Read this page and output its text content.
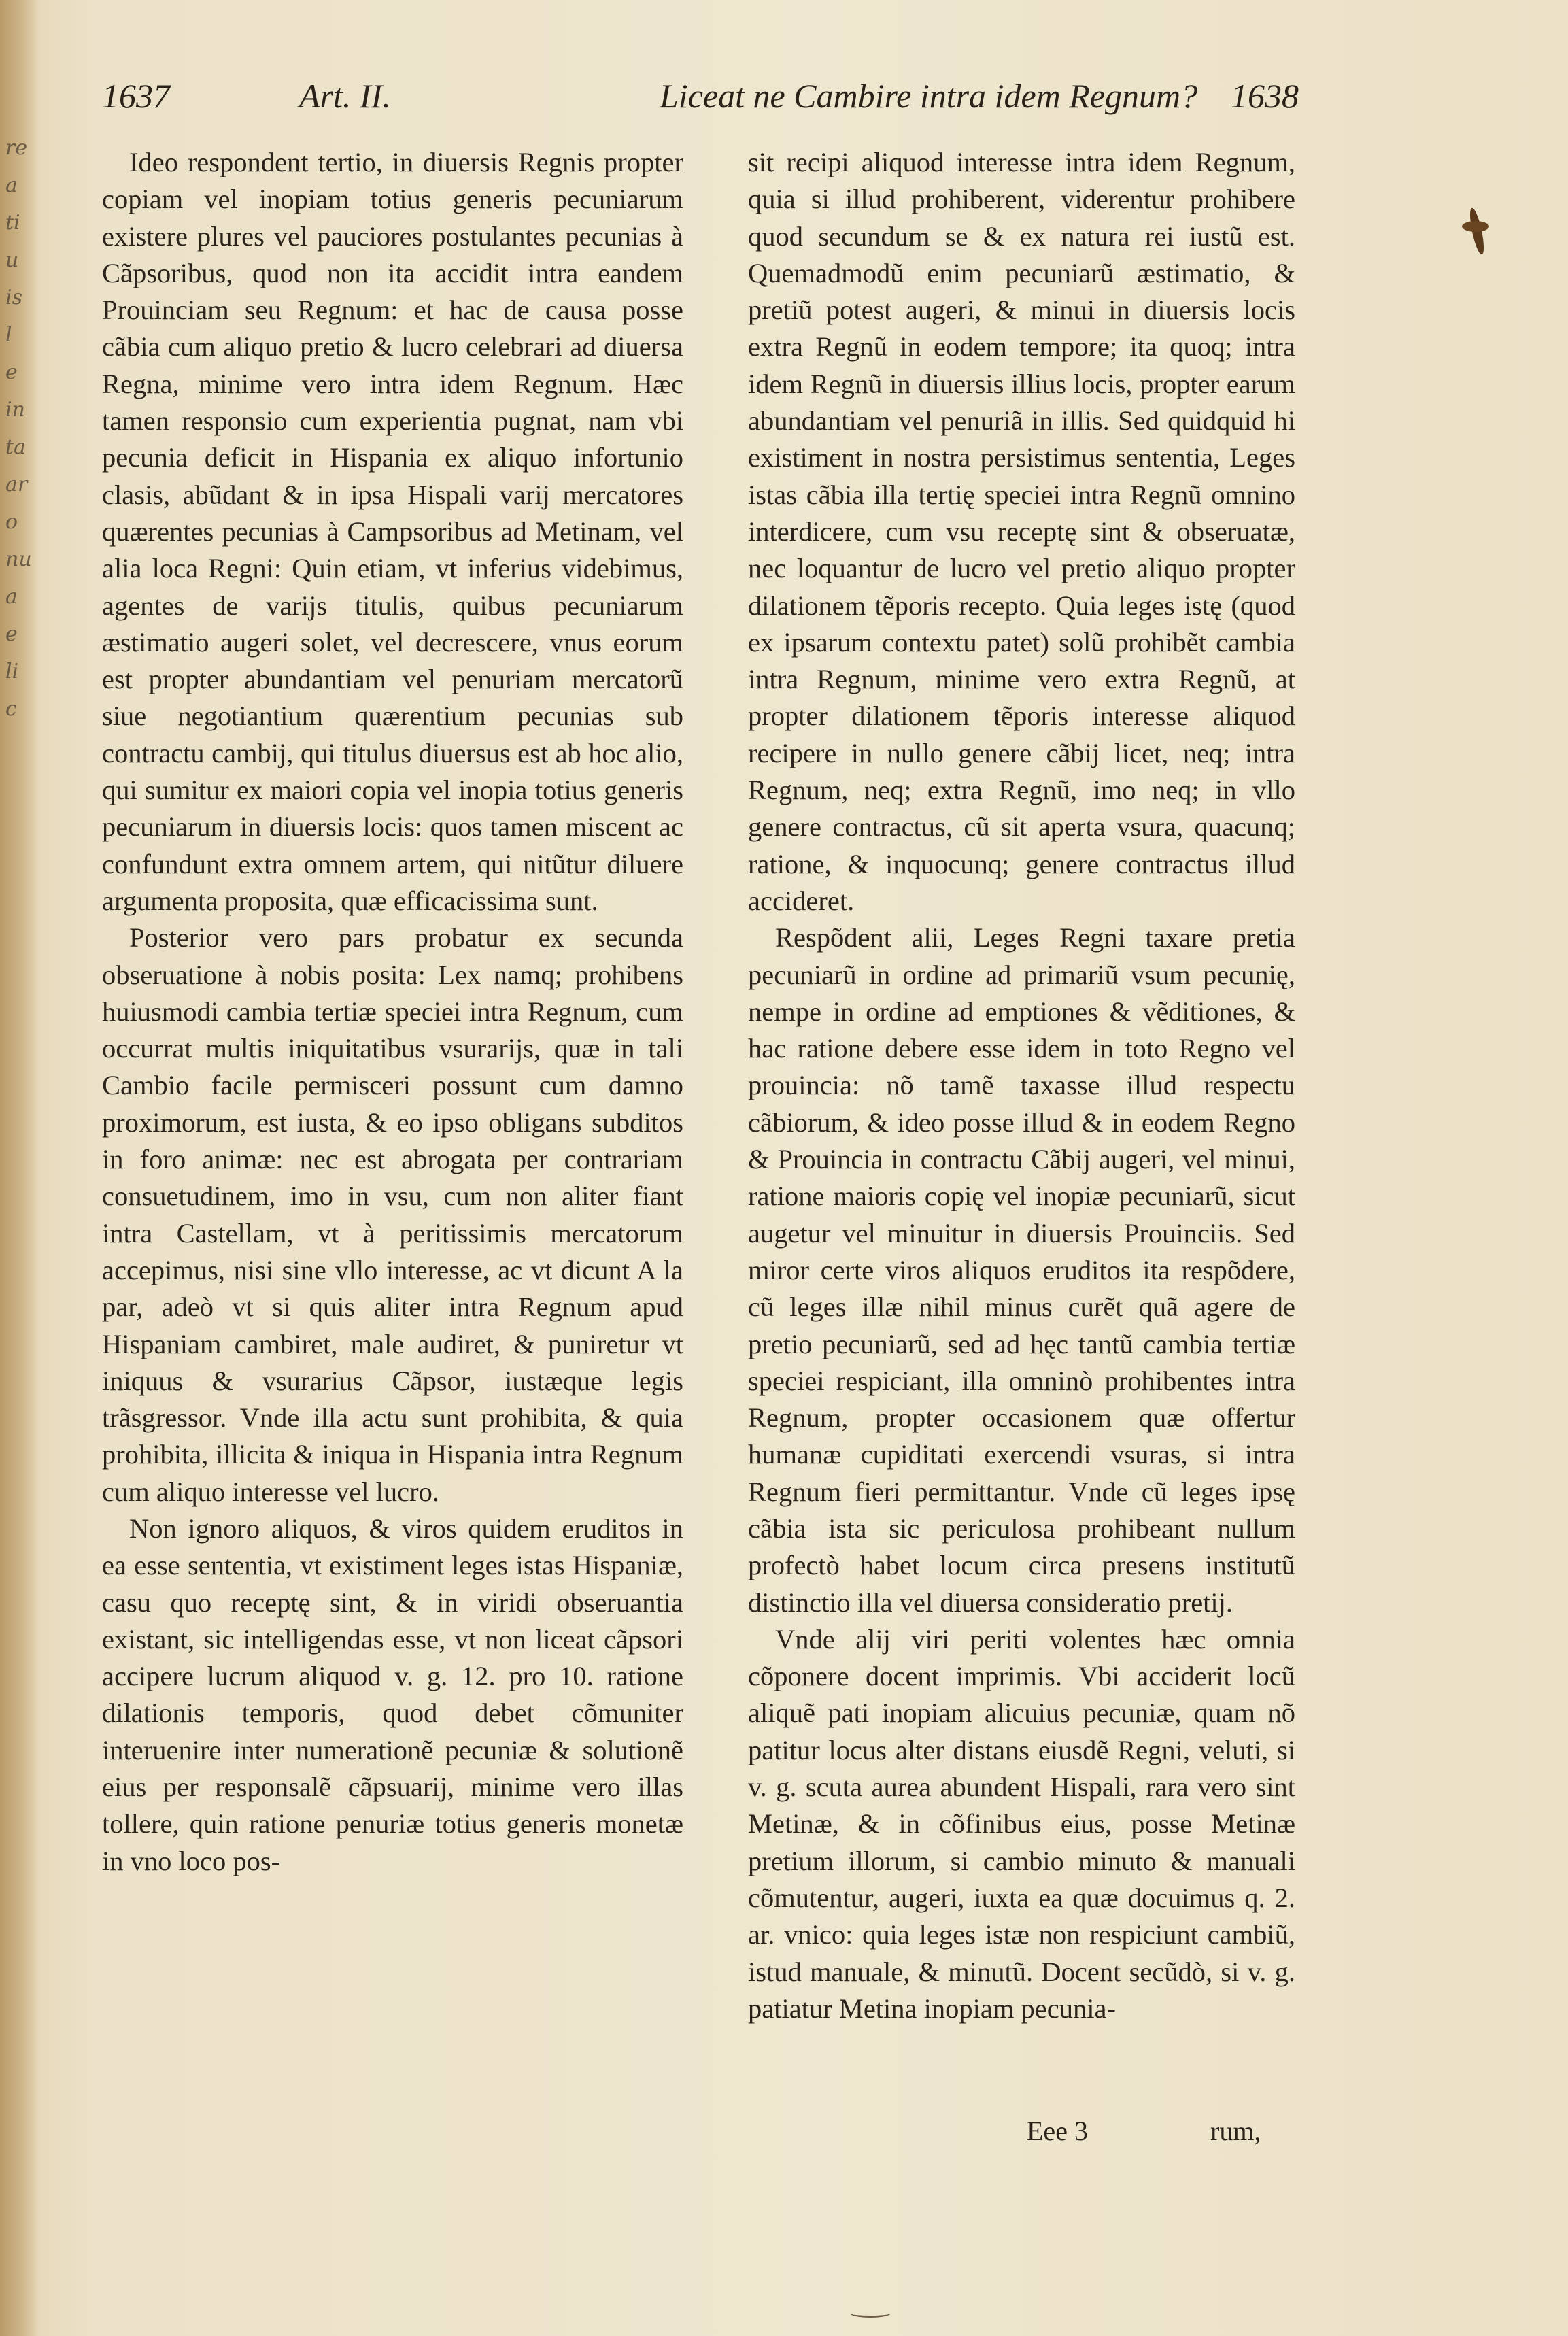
re
a
ti
u
is
l
e
in
ta
ar
o
nu
a
e
li
c
1637	Art. II.	Liceat ne Cambire intra idem Regnum? 1638

Ideo respondent tertio, in diuersis Regnis propter copiam vel inopiam totius generis pecuniarum existere plures vel pauciores postulantes pecunias à Cãpsoribus, quod non ita accidit intra eandem Prouinciam seu Regnum: et hac de causa posse cãbia cum aliquo pretio & lucro celebrari ad diuersa Regna, minime vero intra idem Regnum. Hæc tamen responsio cum experientia pugnat, nam vbi pecunia deficit in Hispania ex aliquo infortunio clasis, abũdant & in ipsa Hispali varij mercatores quærentes pecunias à Campsoribus ad Metinam, vel alia loca Regni: Quin etiam, vt inferius videbimus, agentes de varijs titulis, quibus pecuniarum æstimatio augeri solet, vel decrescere, vnus eorum est propter abundantiam vel penuriam mercatorũ siue negotiantium quærentium pecunias sub contractu cambij, qui titulus diuersus est ab hoc alio, qui sumitur ex maiori copia vel inopia totius generis pecuniarum in diuersis locis: quos tamen miscent ac confundunt extra omnem artem, qui nitũtur diluere argumenta proposita, quæ efficacissima sunt.

Posterior vero pars probatur ex secunda obseruatione à nobis posita: Lex namq; prohibens huiusmodi cambia tertiæ speciei intra Regnum, cum occurrat multis iniquitatibus vsurarijs, quæ in tali Cambio facile permisceri possunt cum damno proximorum, est iusta, & eo ipso obligans subditos in foro animæ: nec est abrogata per contrariam consuetudinem, imo in vsu, cum non aliter fiant intra Castellam, vt à peritissimis mercatorum accepimus, nisi sine vllo interesse, ac vt dicunt A la par, adeò vt si quis aliter intra Regnum apud Hispaniam cambiret, male audiret, & puniretur vt iniquus & vsurarius Cãpsor, iustæque legis trãsgressor. Vnde illa actu sunt prohibita, & quia prohibita, illicita & iniqua in Hispania intra Regnum cum aliquo interesse vel lucro.

Non ignoro aliquos, & viros quidem eruditos in ea esse sententia, vt existiment leges istas Hispaniæ, casu quo receptę sint, & in viridi obseruantia existant, sic intelligendas esse, vt non liceat cãpsori accipere lucrum aliquod v. g. 12. pro 10. ratione dilationis temporis, quod debet cõmuniter interuenire inter numerationẽ pecuniæ & solutionẽ eius per responsalẽ cãpsuarij, minime vero illas tollere, quin ratione penuriæ totius generis monetæ in vno loco pos-

sit recipi aliquod interesse intra idem Regnum, quia si illud prohiberent, viderentur prohibere quod secundum se & ex natura rei iustũ est. Quemadmodũ enim pecuniarũ æstimatio, & pretiũ potest augeri, & minui in diuersis locis extra Regnũ in eodem tempore; ita quoq; intra idem Regnũ in diuersis illius locis, propter earum abundantiam vel penuriã in illis. Sed quidquid hi existiment in nostra persistimus sententia, Leges istas cãbia illa tertię speciei intra Regnũ omnino interdicere, cum vsu receptę sint & obseruatæ, nec loquantur de lucro vel pretio aliquo propter dilationem tẽporis recepto. Quia leges istę (quod ex ipsarum contextu patet) solũ prohibẽt cambia intra Regnum, minime vero extra Regnũ, at propter dilationem tẽporis interesse aliquod recipere in nullo genere cãbij licet, neq; intra Regnum, neq; extra Regnũ, imo neq; in vllo genere contractus, cũ sit aperta vsura, quacunq; ratione, & inquocunq; genere contractus illud accideret.

Respõdent alii, Leges Regni taxare pretia pecuniarũ in ordine ad primariũ vsum pecunię, nempe in ordine ad emptiones & vẽditiones, & hac ratione debere esse idem in toto Regno vel prouincia: nõ tamẽ taxasse illud respectu cãbiorum, & ideo posse illud & in eodem Regno & Prouincia in contractu Cãbij augeri, vel minui, ratione maioris copię vel inopiæ pecuniarũ, sicut augetur vel minuitur in diuersis Prouinciis. Sed miror certe viros aliquos eruditos ita respõdere, cũ leges illæ nihil minus curẽt quã agere de pretio pecuniarũ, sed ad hęc tantũ cambia tertiæ speciei respiciant, illa omninò prohibentes intra Regnum, propter occasionem quæ offertur humanæ cupiditati exercendi vsuras, si intra Regnum fieri permittantur. Vnde cũ leges ipsę cãbia ista sic periculosa prohibeant nullum profectò habet locum circa presens institutũ distinctio illa vel diuersa consideratio pretij.

Vnde alij viri periti volentes hæc omnia cõponere docent imprimis. Vbi acciderit locũ aliquẽ pati inopiam alicuius pecuniæ, quam nõ patitur locus alter distans eiusdẽ Regni, veluti, si v. g. scuta aurea abundent Hispali, rara vero sint Metinæ, & in cõfinibus eius, posse Metinæ pretium illorum, si cambio minuto & manuali cõmutentur, augeri, iuxta ea quæ docuimus q. 2. ar. vnico: quia leges istæ non respiciunt cambiũ, istud manuale, & minutũ. Docent secũdò, si v. g. patiatur Metina inopiam pecunia-

Eee 3	rum,
